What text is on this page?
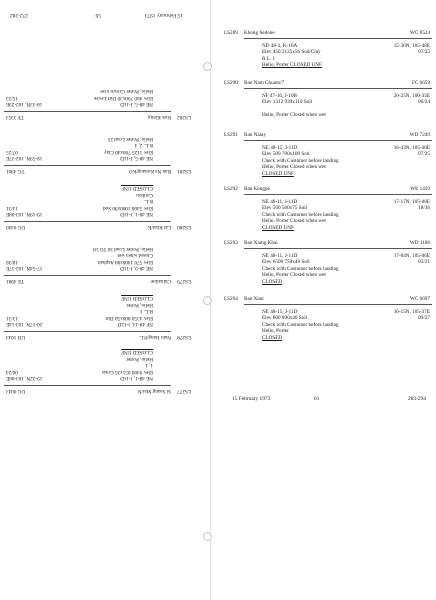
LS277
Si Saang Mai/N
UG 0043
NE 48-1, J-11D
Elev 9400 851x35 Grass
1, 1
Helio, Porter
CLOSED UNF
19-22N, 103-06E
06/24
LS278
Nam Hang/P.L.
UH 1643
NF 48-13, J-11D
Elev 4350 800x50 Dirt
R.L. 1
Helio, Porter
CLOSED UNF
20-17N, 103-14E
13/31
LS279
Chinaline
TE 4981
NE 48-9, J-11D
Elev 570 1400x80 Asphalt
Closed when wet
Helio, Porter Load 36 TO 18
17-54N, 102-37E
18/36
LS280
Lat Khai/K
UG 0440
NE 48-1, J-11D
Elev 5400 1000x90 Sod
R.L.
Caribou
CLOSED UNF
19-19N, 103-08E
13/31
LS281
Ban Na Kouang/KO
TG 4901
NE 48-5, J-11D
Elev 1125 700x40 Clay
R.L. 2, 4
Helio, Porter Load 25
18-59N, 102-37E
07/25
LS282
Kok Kieng
TF 3353
NE 48-5, J-11D
Elev 460 700x30 Dirt Levee
Helio, Porter Grown over
18-33N, 102-29E
15/33
15 February 1973
59
272-282
LS289 Khong Sedone	WC 8524
ND 48-3, K-10A
Elev 450 2125x56 Sod/Clay
R.L. 1
Helio, Porter CLOSED UNF
15-36N, 105-48E
07/25
LS290 Ban Nam Chuam/7	FC 6659
NF 47-16, J-10B
Elev 1312 939x110 Soil

Helio, Porter Closed when wet
20-25N, 100-35E
06/24
LS291 Ban Nalay	WD 7249
NE 48-15, J-11D
Elev 500 700x100 Sod
Check with Customer before landing
Helio, Porter Closed when wet
CLOSED UNF
16-43N, 105-40E
07/25
LS292 Ban Kengpe	WE 1410
NE 48-11, J-11D
Elev 500 500x75 Soil
Check with Customer before landing
Helio, Porter Closed when wet
CLOSED UNF
17-17N, 105-08E
18/36
LS293 Ban Xiang Khai	WD 1188
NE 48-11, J-11D
Elev 6500 750x40 Soil
Check with Customer before landing
Helio, Porter Closed when wet
CLOSED
17-04N, 105-06E
03/21
LS294 Ban Xani	WC 6697
NE 48-15, J-11D
Elev 600 800x40 Soil
Check with Customer before landing
Helio, Porter
CLOSED
16-15N, 105-37E
09/27
15 February 1973	61	283-294
